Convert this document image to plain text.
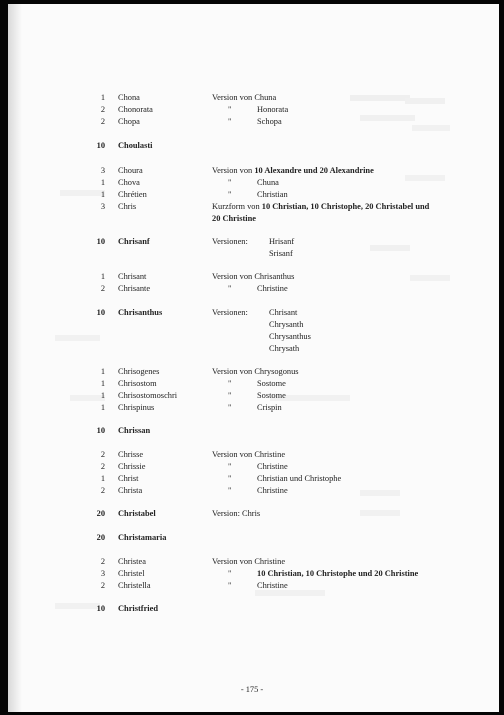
1 Chona	Version von Chuna
2 Chonorata	"	Honorata
2 Chopa	"	Schopa
10 Choulasti
3 Choura	Version von 10 Alexandre und 20 Alexandrine
1 Chova	"	Chuna
1 Chrétien	"	Christian
3 Chris	Kurzform von 10 Christian, 10 Christophe, 20 Christabel und
20 Christine
10 Chrisanf	Versionen:	Hrisanf
Srisanf
1 Chrisant	Version von Chrisanthus
2 Chrisante	"	Christine
10 Chrisanthus	Versionen:	Chrisant
Chrysanth
Chrysanthus
Chrysath
1 Chrisogenes	Version von Chrysogonus
1 Chrisostom	"	Sostome
1 Chrisostomoschri	"	Sostome
1 Chrispinus	"	Crispin
10 Chrissan
2 Chrisse	Version von Christine
2 Chrissie	"	Christine
1 Christ	"	Christian und Christophe
2 Christa	"	Christine
20 Christabel	Version: Chris
20 Christamaria
2 Christea	Version von Christine
3 Christel	"	10 Christian, 10 Christophe und 20 Christine
2 Christella	"	Christine
10 Christfried
- 175 -
